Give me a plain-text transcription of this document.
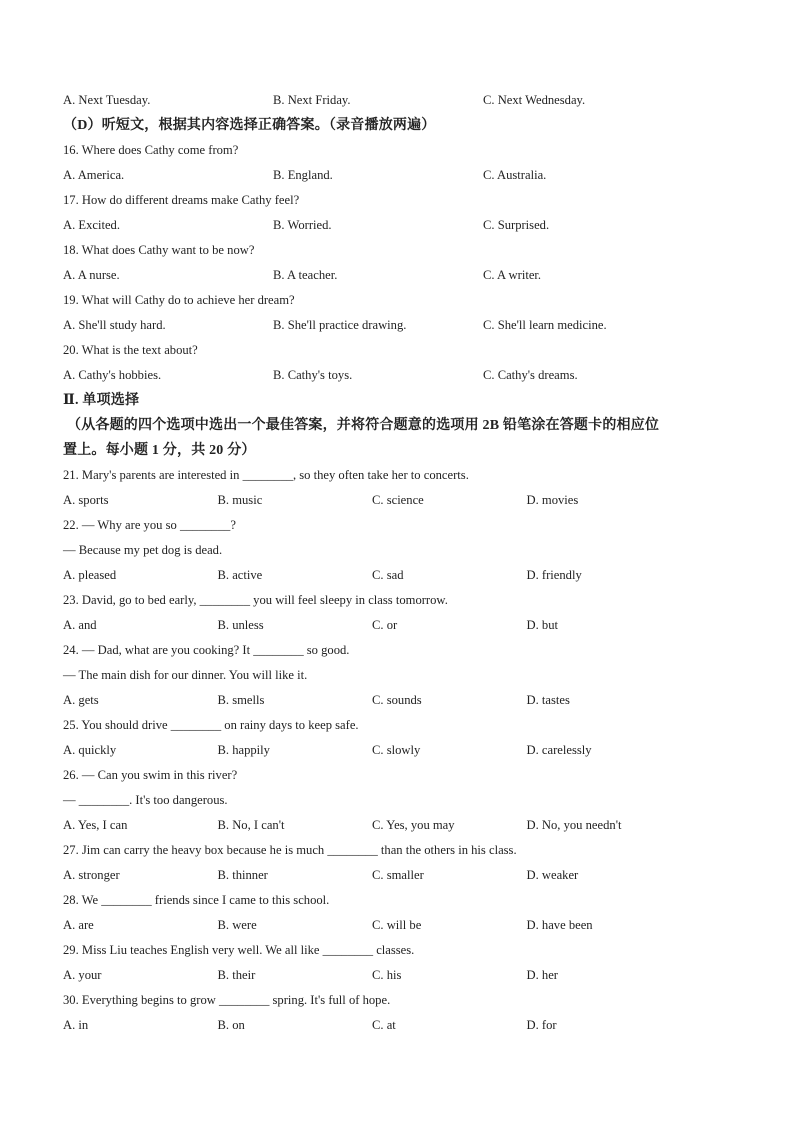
A. Next Tuesday.	B. Next Friday.	C. Next Wednesday.
（D）听短文，根据其内容选择正确答案。（录音播放两遍）
16. Where does Cathy come from?
A. America.	B. England.	C. Australia.
17. How do different dreams make Cathy feel?
A. Excited.	B. Worried.	C. Surprised.
18. What does Cathy want to be now?
A. A nurse.	B. A teacher.	C. A writer.
19. What will Cathy do to achieve her dream?
A. She'll study hard.	B. She'll practice drawing.	C. She'll learn medicine.
20. What is the text about?
A. Cathy's hobbies.	B. Cathy's toys.	C. Cathy's dreams.
Ⅱ. 单项选择
（从各题的四个选项中选出一个最佳答案，并将符合题意的选项用 2B 铅笔涂在答题卡的相应位
置上。每小题 1 分，共 20 分）
21. Mary's parents are interested in ________, so they often take her to concerts.
A. sports	B. music	C. science	D. movies
22. — Why are you so ________?
— Because my pet dog is dead.
A. pleased	B. active	C. sad	D. friendly
23. David, go to bed early, ________ you will feel sleepy in class tomorrow.
A. and	B. unless	C. or	D. but
24. — Dad, what are you cooking? It ________ so good.
— The main dish for our dinner. You will like it.
A. gets	B. smells	C. sounds	D. tastes
25. You should drive ________ on rainy days to keep safe.
A. quickly	B. happily	C. slowly	D. carelessly
26. — Can you swim in this river?
— ________. It's too dangerous.
A. Yes, I can	B. No, I can't	C. Yes, you may	D. No, you needn't
27. Jim can carry the heavy box because he is much ________ than the others in his class.
A. stronger	B. thinner	C. smaller	D. weaker
28. We ________ friends since I came to this school.
A. are	B. were	C. will be	D. have been
29. Miss Liu teaches English very well. We all like ________ classes.
A. your	B. their	C. his	D. her
30. Everything begins to grow ________ spring. It's full of hope.
A. in	B. on	C. at	D. for
